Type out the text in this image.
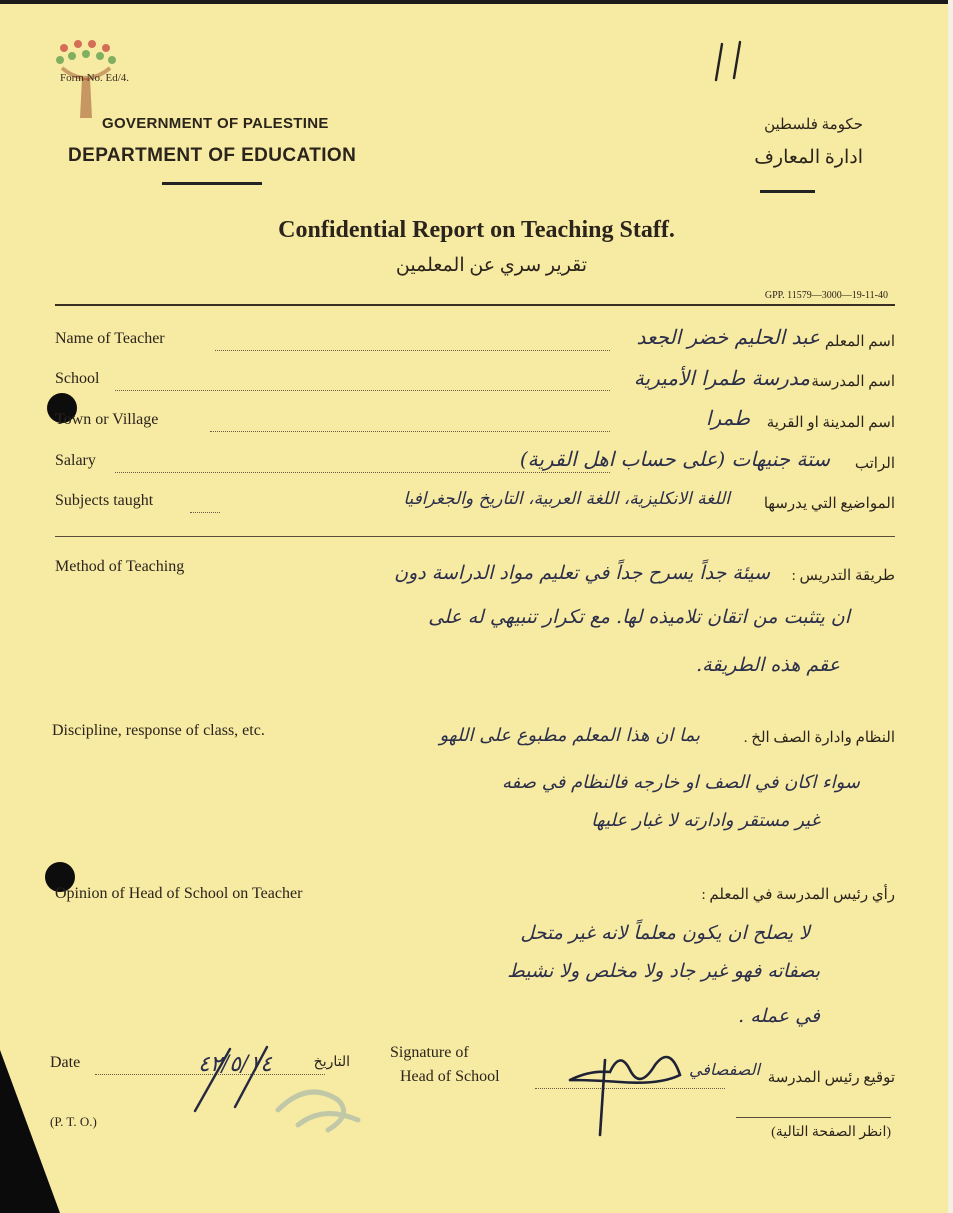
Form No. Ed/4.
GOVERNMENT OF PALESTINE
DEPARTMENT OF EDUCATION
حكومة فلسطين
ادارة المعارف
Confidential Report on Teaching Staff.
تقرير سري عن المعلمين
GPP. 11579—3000—19-11-40
Name of Teacher	عبد الحليم خضر الجعد اسم المعلم
School	مدرسة طمرا الأميرية اسم المدرسة
Town or Village	طمرا	اسم المدينة او القرية
Salary	ستة جنيهات (على حساب اهل القرية)	الراتب
Subjects taught	اللغة الانكليزية، اللغة العربية، التاريخ والجغرافيا	المواضيع التي يدرسها
Method of Teaching
طريقة التدريس :
سيئة جداً يسرح جداً في تعليم مواد الدراسة دون
ان يتثبت من اتقان تلاميذه لها. مع تكرار تنبيهي له على
عقم هذه الطريقة.
Discipline, response of class, etc.	النظام وادارة الصف الخ .
بما ان هذا المعلم مطبوع على اللهو
سواء اكان في الصف او خارجه فالنظام في صفه
غير مستقر وادارته لا غبار عليها
Opinion of Head of School on Teacher	رأي رئيس المدرسة في المعلم :
لا يصلح ان يكون معلماً لانه غير متحل
بصفاته فهو غير جاد ولا مخلص ولا نشيط
في عمله .
Date	التاريخ
٤٢/٥/١٤	Signature of
Head of School	الصفصافي توقيع رئيس المدرسة
(P. T. O.)
(انظر الصفحة التالية)
